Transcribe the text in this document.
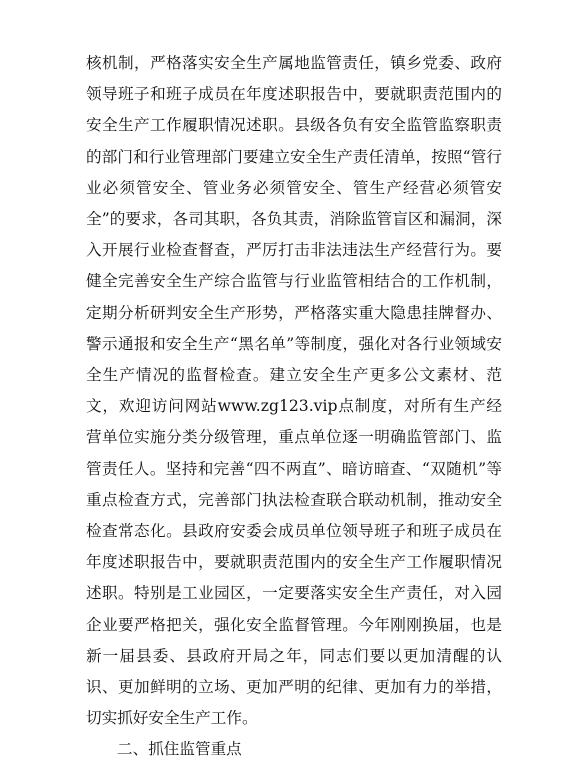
核机制，严格落实安全生产属地监管责任，镇乡党委、政府领导班子和班子成员在年度述职报告中，要就职责范围内的安全生产工作履职情况述职。县级各负有安全监管监察职责的部门和行业管理部门要建立安全生产责任清单，按照“管行业必须管安全、管业务必须管安全、管生产经营必须管安全”的要求，各司其职，各负其责，消除监管盲区和漏洞，深入开展行业检查督查，严厉打击非法违法生产经营行为。要健全完善安全生产综合监管与行业监管相结合的工作机制，定期分析研判安全生产形势，严格落实重大隐患挂牌督办、警示通报和安全生产“黑名单”等制度，强化对各行业领域安全生产情况的监督检查。建立安全生产更多公文素材、范文，欢迎访问网站www.zg123.vip点制度，对所有生产经营单位实施分类分级管理，重点单位逐一明确监管部门、监管责任人。坚持和完善“四不两直”、暗访暗查、“双随机”等重点检查方式，完善部门执法检查联合联动机制，推动安全检查常态化。县政府安委会成员单位领导班子和班子成员在年度述职报告中，要就职责范围内的安全生产工作履职情况述职。特别是工业园区，一定要落实安全生产责任，对入园企业要严格把关，强化安全监督管理。今年刚刚换届，也是新一届县委、县政府开局之年，同志们要以更加清醒的认识、更加鲜明的立场、更加严明的纪律、更加有力的举措，切实抓好安全生产工作。

二、抓住监管重点
